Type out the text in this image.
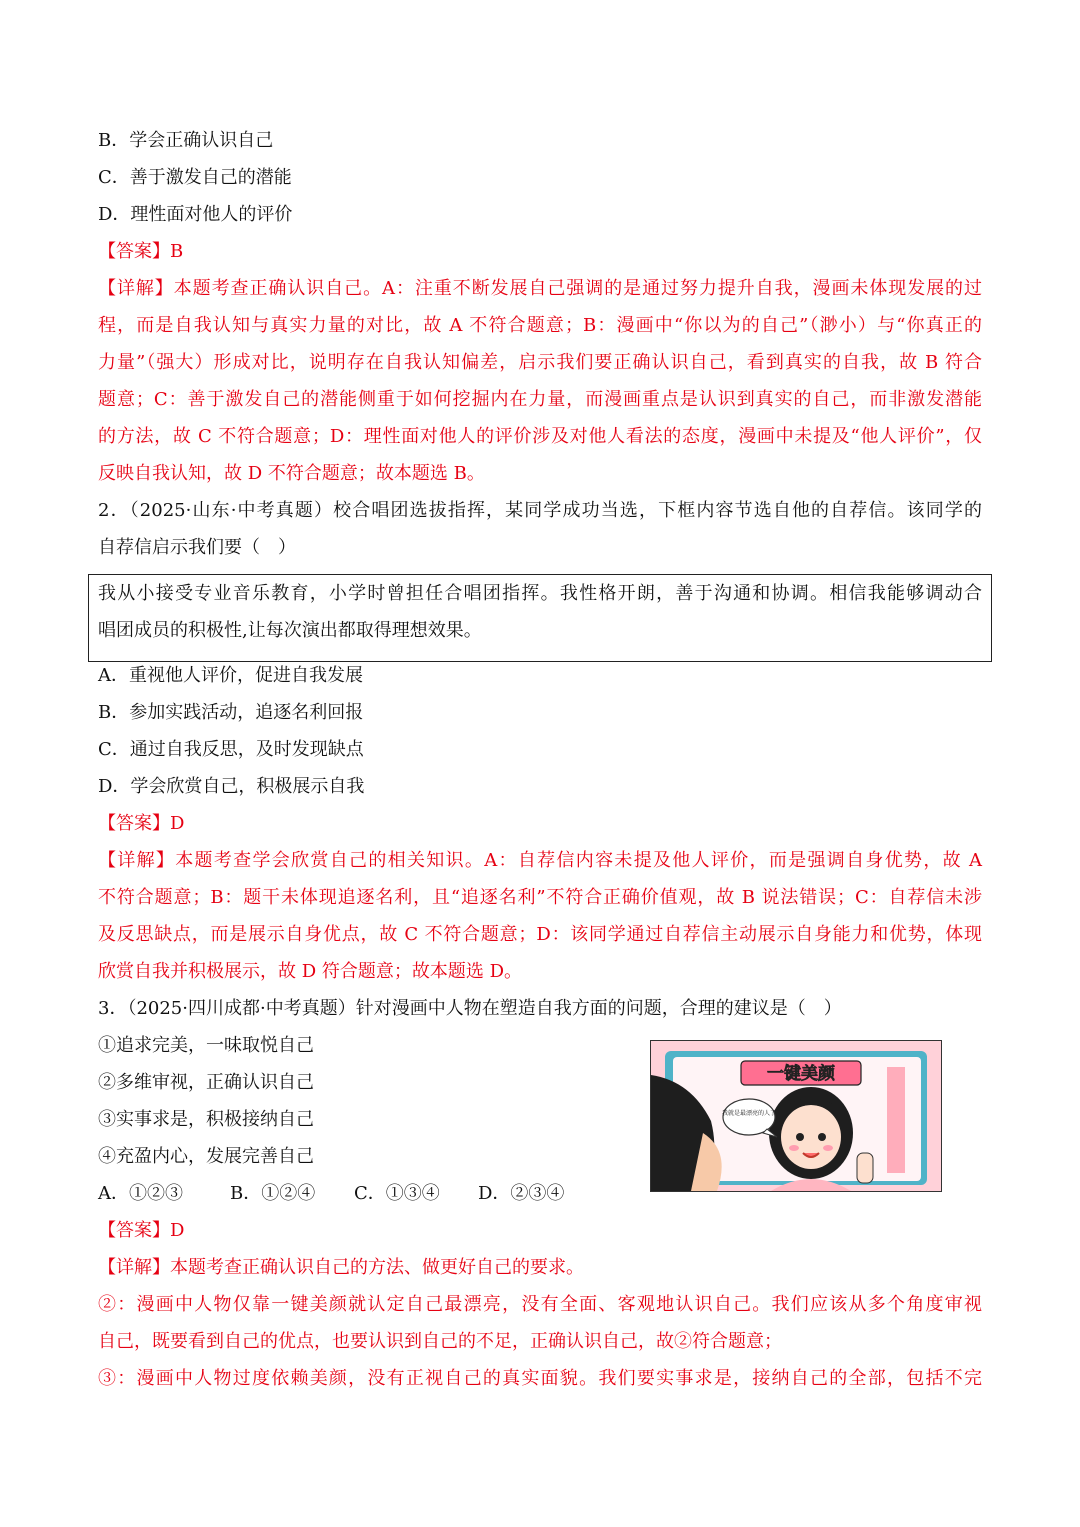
B．学会正确认识自己
C．善于激发自己的潜能
D．理性面对他人的评价
【答案】B
【详解】本题考查正确认识自己。A：注重不断发展自己强调的是通过努力提升自我，漫画未体现发展的过
程，而是自我认知与真实力量的对比，故 A 不符合题意；B：漫画中“你以为的自己”（渺小）与“你真正的
力量”（强大）形成对比，说明存在自我认知偏差，启示我们要正确认识自己，看到真实的自我，故 B 符合
题意；C：善于激发自己的潜能侧重于如何挖掘内在力量，而漫画重点是认识到真实的自己，而非激发潜能
的方法，故 C 不符合题意；D：理性面对他人的评价涉及对他人看法的态度，漫画中未提及“他人评价”，仅
反映自我认知，故 D 不符合题意；故本题选 B。
2．（2025·山东·中考真题）校合唱团选拔指挥，某同学成功当选，下框内容节选自他的自荐信。该同学的
自荐信启示我们要（　）
我从小接受专业音乐教育，小学时曾担任合唱团指挥。我性格开朗，善于沟通和协调。相信我能够调动合
唱团成员的积极性,让每次演出都取得理想效果。
A．重视他人评价，促进自我发展
B．参加实践活动，追逐名利回报
C．通过自我反思，及时发现缺点
D．学会欣赏自己，积极展示自我
【答案】D
【详解】本题考查学会欣赏自己的相关知识。A：自荐信内容未提及他人评价，而是强调自身优势，故 A
不符合题意；B：题干未体现追逐名利，且“追逐名利”不符合正确价值观，故 B 说法错误；C：自荐信未涉
及反思缺点，而是展示自身优点，故 C 不符合题意；D：该同学通过自荐信主动展示自身能力和优势，体现
欣赏自我并积极展示，故 D 符合题意；故本题选 D。
3．（2025·四川成都·中考真题）针对漫画中人物在塑造自我方面的问题，合理的建议是（　）
①追求完美，一味取悦自己
②多维审视，正确认识自己
③实事求是，积极接纳自己
④充盈内心，发展完善自己
A．①②③	B．①②④ C．①③④ D．②③④
我就是最漂亮的人了
一键美颜
【答案】D
【详解】本题考查正确认识自己的方法、做更好自己的要求。
②：漫画中人物仅靠一键美颜就认定自己最漂亮，没有全面、客观地认识自己。我们应该从多个角度审视
自己，既要看到自己的优点，也要认识到自己的不足，正确认识自己，故②符合题意；
③：漫画中人物过度依赖美颜，没有正视自己的真实面貌。我们要实事求是，接纳自己的全部，包括不完
